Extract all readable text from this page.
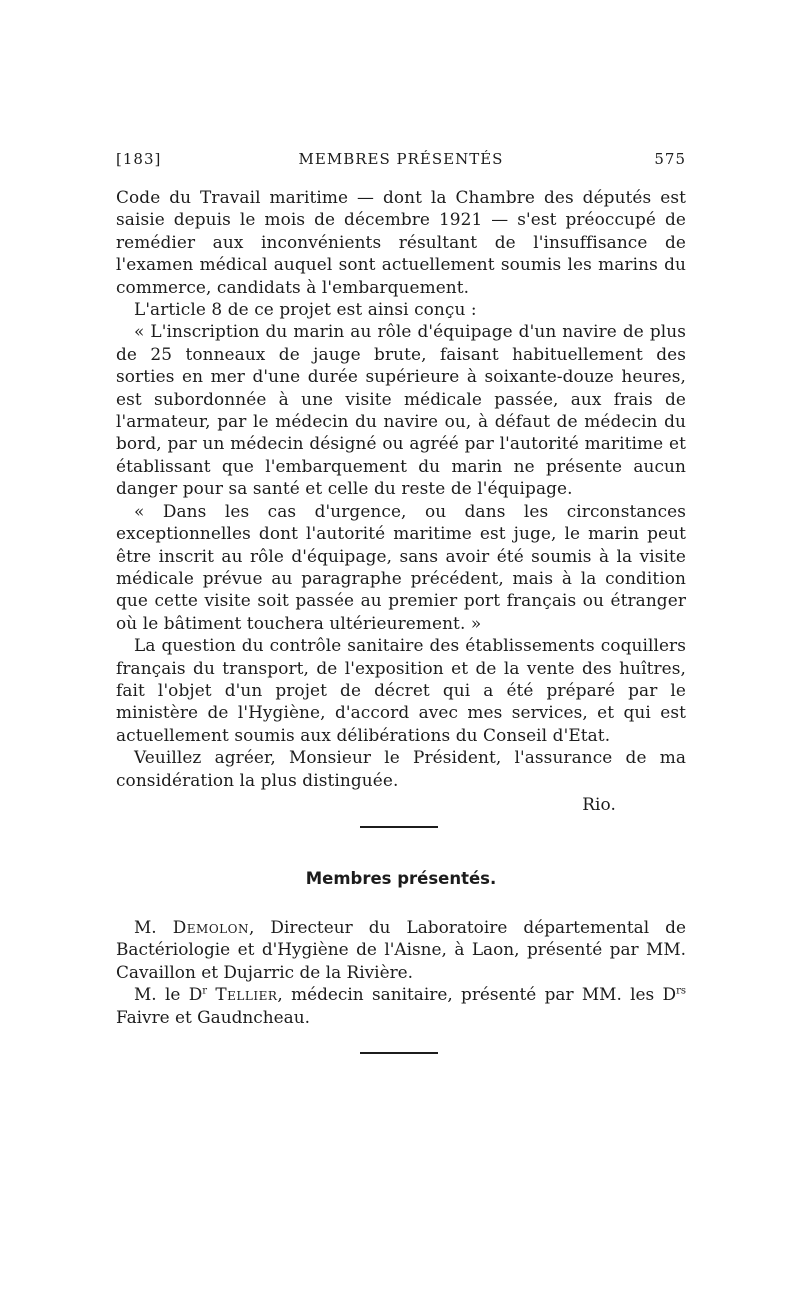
[183]	MEMBRES PRÉSENTÉS	575

Code du Travail maritime — dont la Chambre des députés est saisie depuis le mois de décembre 1921 — s'est préoccupé de remédier aux inconvénients résultant de l'insuffisance de l'examen médical auquel sont actuellement soumis les marins du commerce, candidats à l'embarquement.

L'article 8 de ce projet est ainsi conçu :

« L'inscription du marin au rôle d'équipage d'un navire de plus de 25 tonneaux de jauge brute, faisant habituellement des sorties en mer d'une durée supérieure à soixante-douze heures, est subordonnée à une visite médicale passée, aux frais de l'armateur, par le médecin du navire ou, à défaut de médecin du bord, par un médecin désigné ou agréé par l'autorité maritime et établissant que l'embarquement du marin ne présente aucun danger pour sa santé et celle du reste de l'équipage.

« Dans les cas d'urgence, ou dans les circonstances exceptionnelles dont l'autorité maritime est juge, le marin peut être inscrit au rôle d'équipage, sans avoir été soumis à la visite médicale prévue au paragraphe précédent, mais à la condition que cette visite soit passée au premier port français ou étranger où le bâtiment touchera ultérieurement. »

La question du contrôle sanitaire des établissements coquillers français du transport, de l'exposition et de la vente des huîtres, fait l'objet d'un projet de décret qui a été préparé par le ministère de l'Hygiène, d'accord avec mes services, et qui est actuellement soumis aux délibérations du Conseil d'Etat.

Veuillez agréer, Monsieur le Président, l'assurance de ma considération la plus distinguée.

Rio.
Membres présentés.

M. Demolon, Directeur du Laboratoire départemental de Bactériologie et d'Hygiène de l'Aisne, à Laon, présenté par MM. Cavaillon et Dujarric de la Rivière.

M. le $D^r$ Tellier, médecin sanitaire, présenté par MM. les $D^{rs}$ Faivre et Gaudncheau.
